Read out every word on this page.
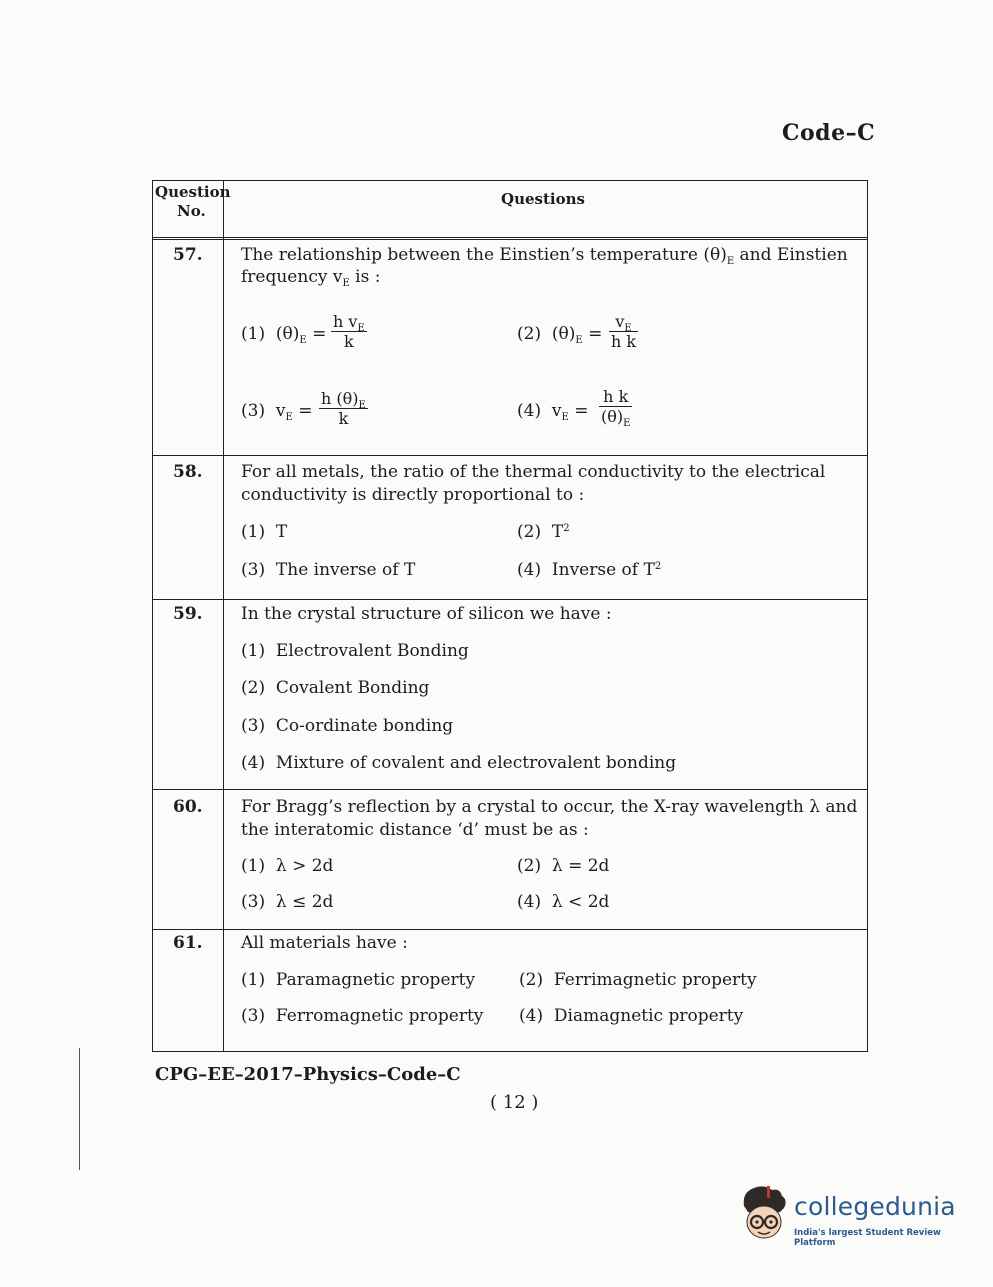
Code–C
Question
No.
Questions
57. The relationship between the Einstien’s temperature $(\theta)_E$ and Einstien
frequency $v_E$ is :
(1) $(\theta)_E = \frac{h v_E}{k}$	(2) $(\theta)_E = \frac{v_E}{\text{h k}}$
(3) $v_E = \frac{h (\theta)_E}{k}$	(4) $v_E = \frac{\text{h k}}{(\theta)_E}$
58. For all metals, the ratio of the thermal conductivity to the electrical
conductivity is directly proportional to :
(1) T	(2) $T^2$
(3) The inverse of T	(4) Inverse of $T^2$
59. In the crystal structure of silicon we have :
(1) Electrovalent Bonding
(2) Covalent Bonding
(3) Co-ordinate bonding
(4) Mixture of covalent and electrovalent bonding
60. For Bragg’s reflection by a crystal to occur, the X-ray wavelength λ and
the interatomic distance ‘d’ must be as :
(1) λ > 2d	(2) λ = 2d
(3) λ ≤ 2d	(4) λ < 2d
61. All materials have :
(1) Paramagnetic property	(2) Ferrimagnetic property
(3) Ferromagnetic property (4) Diamagnetic property
CPG–EE–2017–Physics–Code–C
( 12 )
collegedunia
India's largest Student Review Platform
